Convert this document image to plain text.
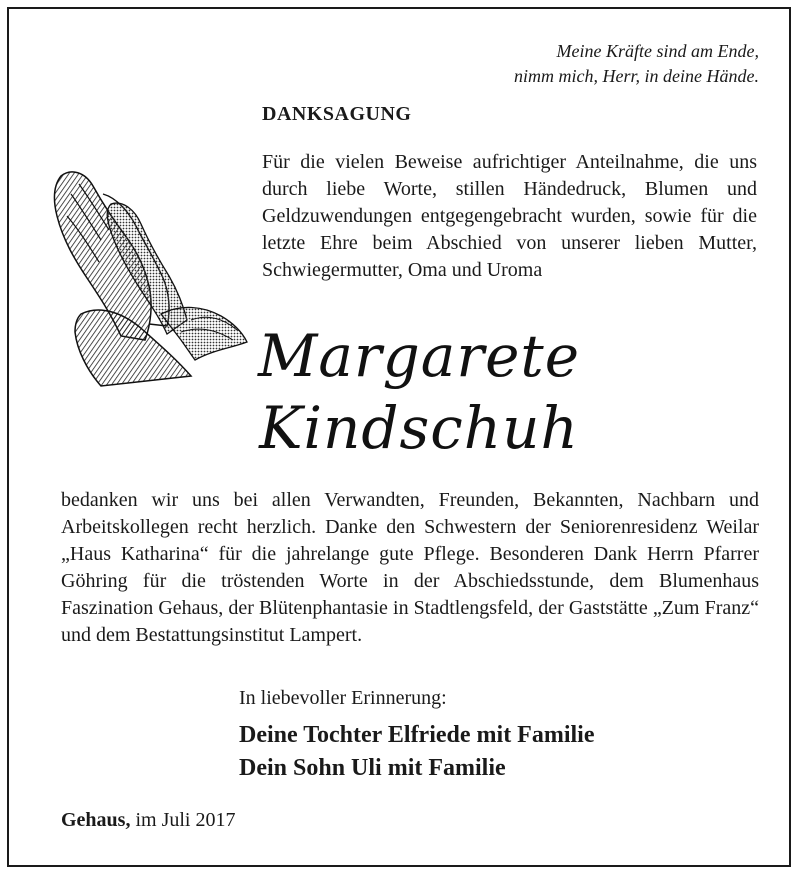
Meine Kräfte sind am Ende,
nimm mich, Herr, in deine Hände.
DANKSAGUNG
Für die vielen Beweise aufrichtiger Anteilnahme, die uns durch liebe Worte, stillen Händedruck, Blumen und Geldzuwendungen entgegengebracht wurden, sowie für die letzte Ehre beim Abschied von unserer lieben Mutter, Schwiegermutter, Oma und Uroma
Margarete
Kindschuh
bedanken wir uns bei allen Verwandten, Freunden, Bekannten, Nachbarn und Arbeitskollegen recht herzlich. Danke den Schwestern der Seniorenresidenz Weilar „Haus Katharina“ für die jahrelange gute Pflege. Besonderen Dank Herrn Pfarrer Göhring für die tröstenden Worte in der Abschiedsstunde, dem Blumenhaus Faszination Gehaus, der Blütenphantasie in Stadtlengsfeld, der Gaststätte „Zum Franz“ und dem Bestattungsinstitut Lampert.
In liebevoller Erinnerung:
Deine Tochter Elfriede mit Familie
Dein Sohn Uli mit Familie
Gehaus, im Juli 2017
